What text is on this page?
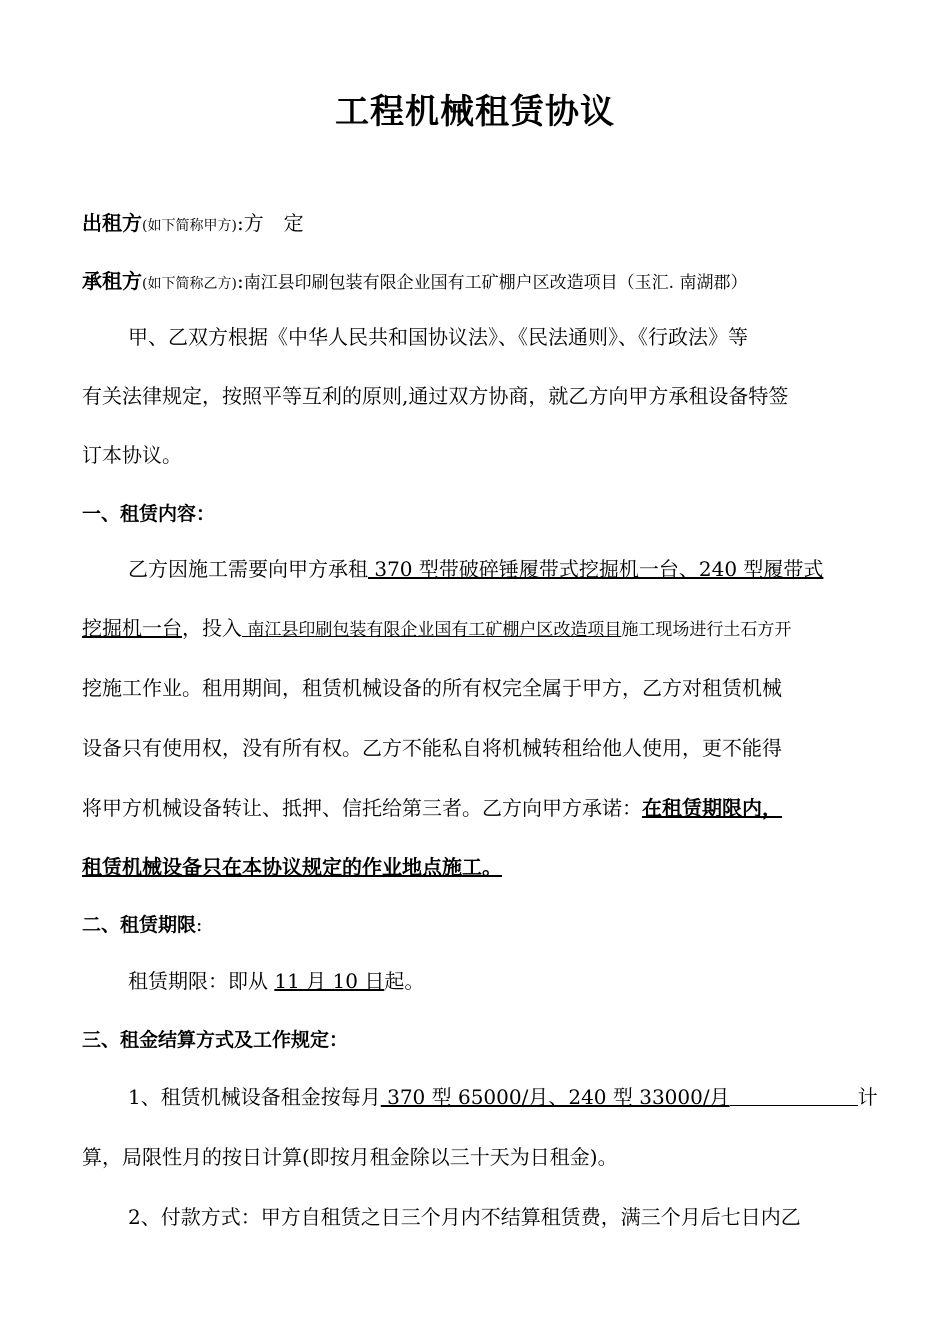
工程机械租赁协议
出租方(如下简称甲方):方　定
承租方(如下简称乙方):南江县印刷包装有限企业国有工矿棚户区改造项目（玉汇. 南湖郡）
甲、乙双方根据《中华人民共和国协议法》、《民法通则》、《行政法》等
有关法律规定，按照平等互利的原则,通过双方协商，就乙方向甲方承租设备特签
订本协议。
一、租赁内容：
乙方因施工需要向甲方承租 370 型带破碎锤履带式挖掘机一台、240 型履带式
挖掘机一台，投入 南江县印刷包装有限企业国有工矿棚户区改造项目施工现场进行土石方开
挖施工作业。租用期间，租赁机械设备的所有权完全属于甲方，乙方对租赁机械
设备只有使用权，没有所有权。乙方不能私自将机械转租给他人使用，更不能得
将甲方机械设备转让、抵押、信托给第三者。乙方向甲方承诺：在租赁期限内，
租赁机械设备只在本协议规定的作业地点施工。
二、租赁期限:
租赁期限：即从 11 月 10 日起。
三、租金结算方式及工作规定：
1、租赁机械设备租金按每月 370 型 65000/月、240 型 33000/月	计
算，局限性月的按日计算(即按月租金除以三十天为日租金)。
2、付款方式：甲方自租赁之日三个月内不结算租赁费，满三个月后七日内乙
